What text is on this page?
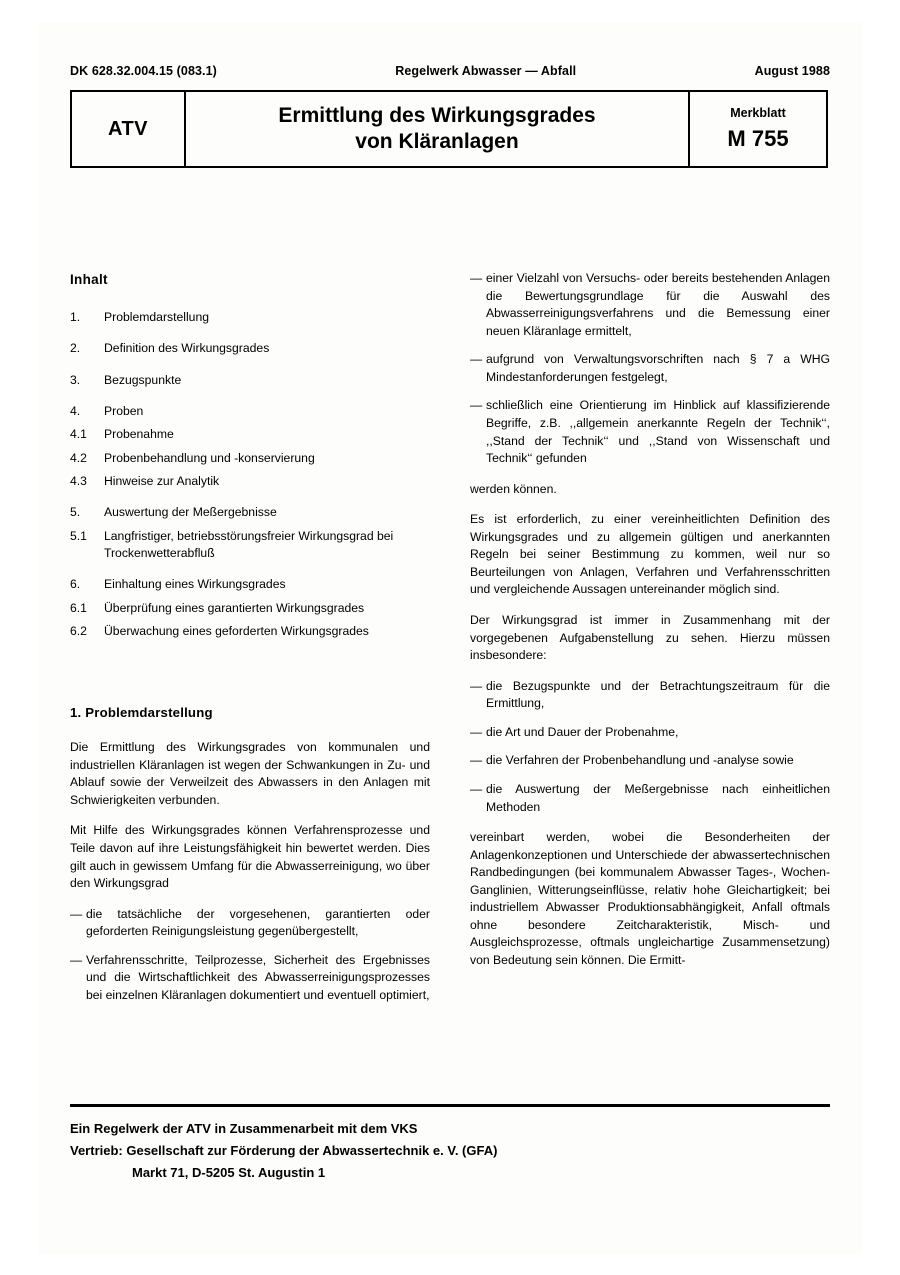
DK 628.32.004.15 (083.1)	Regelwerk Abwasser — Abfall	August 1988
ATV
Ermittlung des Wirkungsgrades
von Kläranlagen
Merkblatt
M 755
Inhalt
1.	Problemdarstellung
2.	Definition des Wirkungsgrades
3.	Bezugspunkte
4.	Proben
4.1	Probenahme
4.2	Probenbehandlung und -konservierung
4.3	Hinweise zur Analytik
5.	Auswertung der Meßergebnisse
5.1	Langfristiger, betriebsstörungsfreier Wirkungsgrad bei Trockenwetterabfluß
6.	Einhaltung eines Wirkungsgrades
6.1	Überprüfung eines garantierten Wirkungsgrades
6.2	Überwachung eines geforderten Wirkungsgrades
1. Problemdarstellung

Die Ermittlung des Wirkungsgrades von kommunalen und industriellen Kläranlagen ist wegen der Schwankungen in Zu- und Ablauf sowie der Verweilzeit des Abwassers in den Anlagen mit Schwierigkeiten verbunden.

Mit Hilfe des Wirkungsgrades können Verfahrensprozesse und Teile davon auf ihre Leistungsfähigkeit hin bewertet werden. Dies gilt auch in gewissem Umfang für die Abwasserreinigung, wo über den Wirkungsgrad

— die tatsächliche der vorgesehenen, garantierten oder geforderten Reinigungsleistung gegenübergestellt,
— Verfahrensschritte, Teilprozesse, Sicherheit des Ergebnisses und die Wirtschaftlichkeit des Abwasserreinigungsprozesses bei einzelnen Kläranlagen dokumentiert und eventuell optimiert,
— einer Vielzahl von Versuchs- oder bereits bestehenden Anlagen die Bewertungsgrundlage für die Auswahl des Abwasserreinigungsverfahrens und die Bemessung einer neuen Kläranlage ermittelt,
— aufgrund von Verwaltungsvorschriften nach § 7 a WHG Mindestanforderungen festgelegt,
— schließlich eine Orientierung im Hinblick auf klassifizierende Begriffe, z.B. ,,allgemein anerkannte Regeln der Technik‘‘, ,,Stand der Technik‘‘ und ,,Stand von Wissenschaft und Technik‘‘ gefunden

werden können.

Es ist erforderlich, zu einer vereinheitlichten Definition des Wirkungsgrades und zu allgemein gültigen und anerkannten Regeln bei seiner Bestimmung zu kommen, weil nur so Beurteilungen von Anlagen, Verfahren und Verfahrensschritten und vergleichende Aussagen untereinander möglich sind.

Der Wirkungsgrad ist immer in Zusammenhang mit der vorgegebenen Aufgabenstellung zu sehen. Hierzu müssen insbesondere:

— die Bezugspunkte und der Betrachtungszeitraum für die Ermittlung,
— die Art und Dauer der Probenahme,
— die Verfahren der Probenbehandlung und -analyse sowie
— die Auswertung der Meßergebnisse nach einheitlichen Methoden

vereinbart werden, wobei die Besonderheiten der Anlagenkonzeptionen und Unterschiede der abwassertechnischen Randbedingungen (bei kommunalem Abwasser Tages-, Wochen-Ganglinien, Witterungseinflüsse, relativ hohe Gleichartigkeit; bei industriellem Abwasser Produktionsabhängigkeit, Anfall oftmals ohne besondere Zeitcharakteristik, Misch- und Ausgleichsprozesse, oftmals ungleichartige Zusammensetzung) von Bedeutung sein können. Die Ermitt-

Ein Regelwerk der ATV in Zusammenarbeit mit dem VKS
Vertrieb: Gesellschaft zur Förderung der Abwassertechnik e. V. (GFA)
Markt 71, D-5205 St. Augustin 1
